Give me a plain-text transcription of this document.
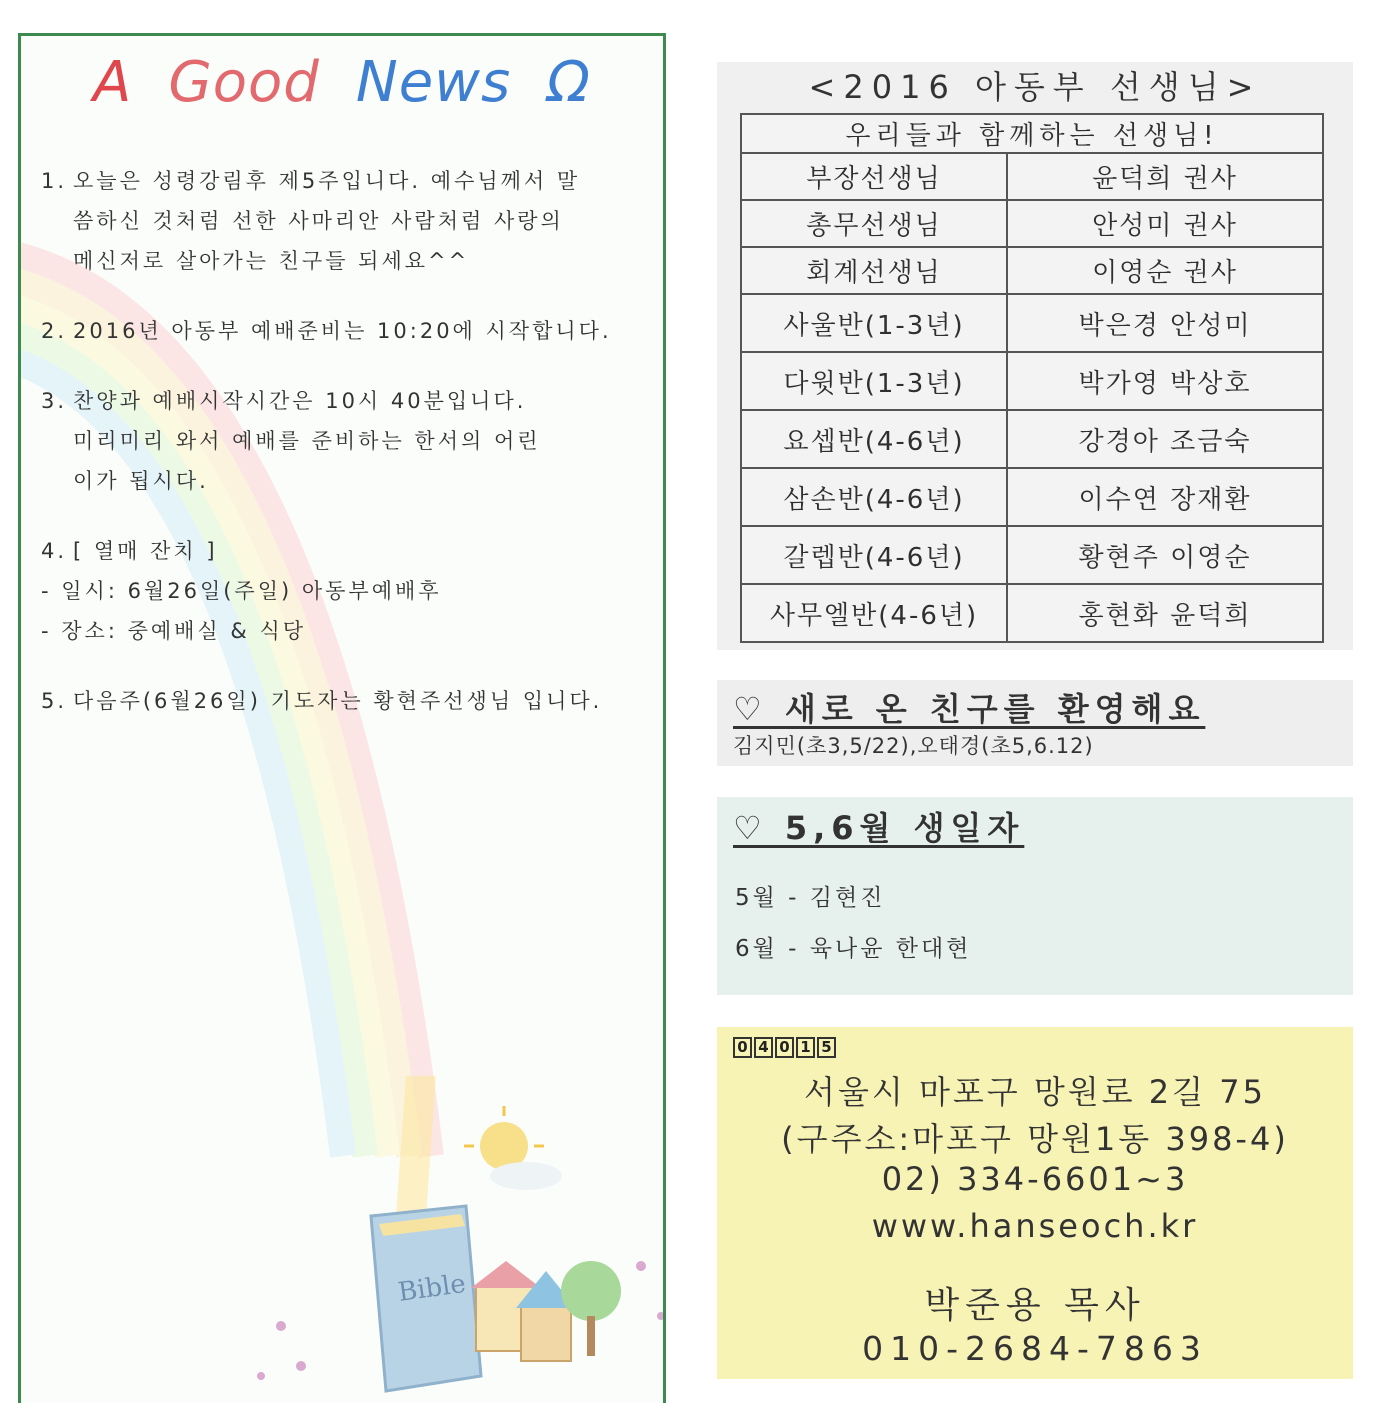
A Good News Ω
1. 오늘은 성령강림후 제5주입니다. 예수님께서 말
씀하신 것처럼 선한 사마리안 사람처럼 사랑의
메신저로 살아가는 친구들 되세요^^
2. 2016년 아동부 예배준비는 10:20에 시작합니다.
3. 찬양과 예배시작시간은 10시 40분입니다.
미리미리 와서 예배를 준비하는 한서의 어린
이가 됩시다.
4. [ 열매 잔치 ]
- 일시: 6월26일(주일) 아동부예배후
- 장소: 중예배실 & 식당
5. 다음주(6월26일) 기도자는 황현주선생님 입니다.
Bible
<2016 아동부 선생님>
우리들과 함께하는 선생님!	
부장선생님	윤덕희 권사
총무선생님	안성미 권사
회계선생님	이영순 권사
사울반(1-3년)	박은경 안성미
다윗반(1-3년)	박가영 박상호
요셉반(4-6년)	강경아 조금숙
삼손반(4-6년)	이수연 장재환
갈렙반(4-6년)	황현주 이영순
사무엘반(4-6년)	홍현화 윤덕희
♡ 새로 온 친구를 환영해요
김지민(초3,5/22),오태경(초5,6.12)
♡ 5,6월 생일자
5월 - 김현진
6월 - 육나윤 한대현
0 4 0 1 5
서울시 마포구 망원로 2길 75
(구주소:마포구 망원1동 398-4)
02) 334-6601~3
www.hanseoch.kr
박준용 목사
010-2684-7863
